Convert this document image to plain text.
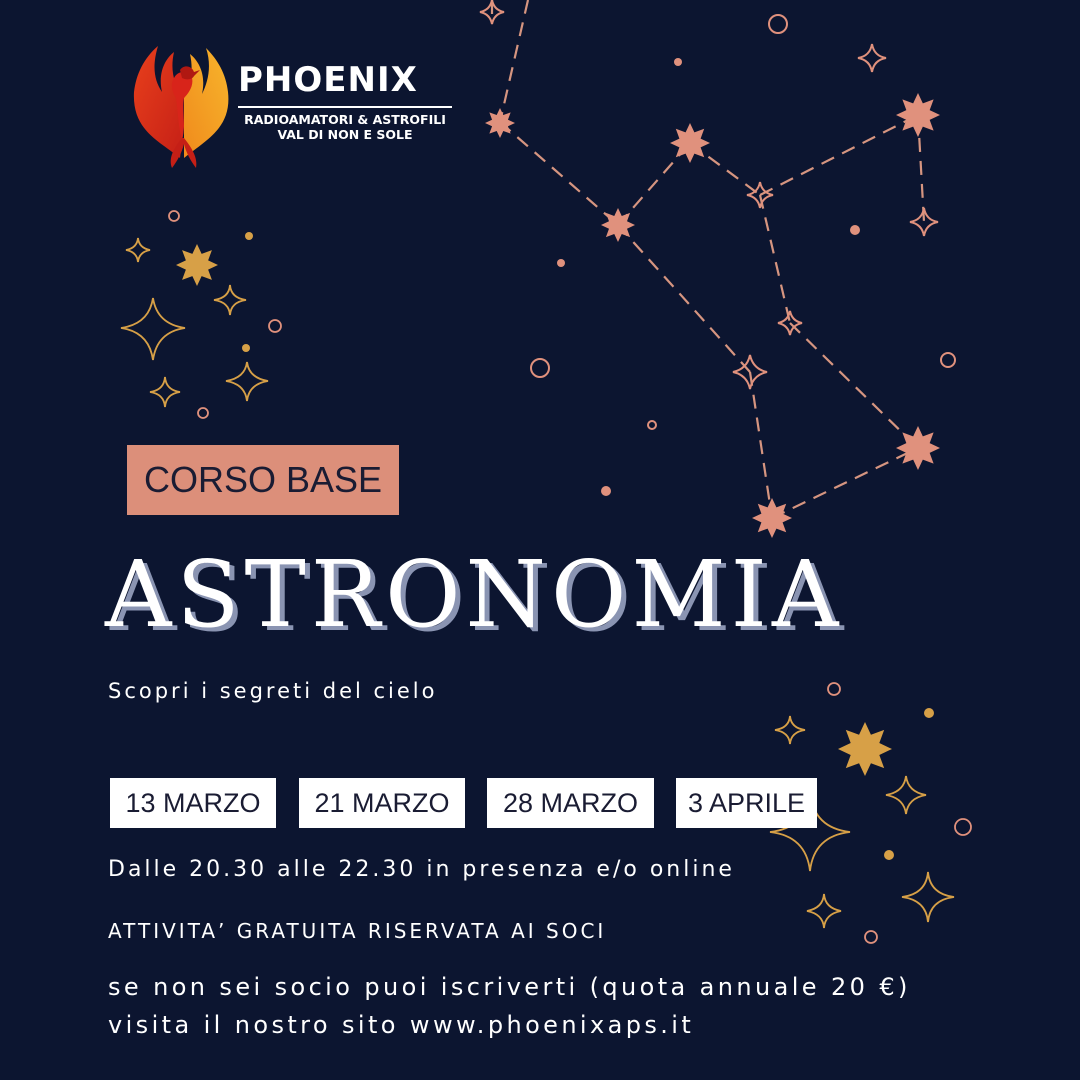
PHOENIX
RADIOAMATORI & ASTROFILI
VAL DI NON E SOLE
CORSO BASE
ASTRONOMIA
Scopri i segreti del cielo
13 MARZO	21 MARZO	28 MARZO	3 APRILE
Dalle 20.30 alle 22.30 in presenza e/o online
ATTIVITA’ GRATUITA RISERVATA AI SOCI
se non sei socio puoi iscriverti (quota annuale 20 €)
visita il nostro sito www.phoenixaps.it
